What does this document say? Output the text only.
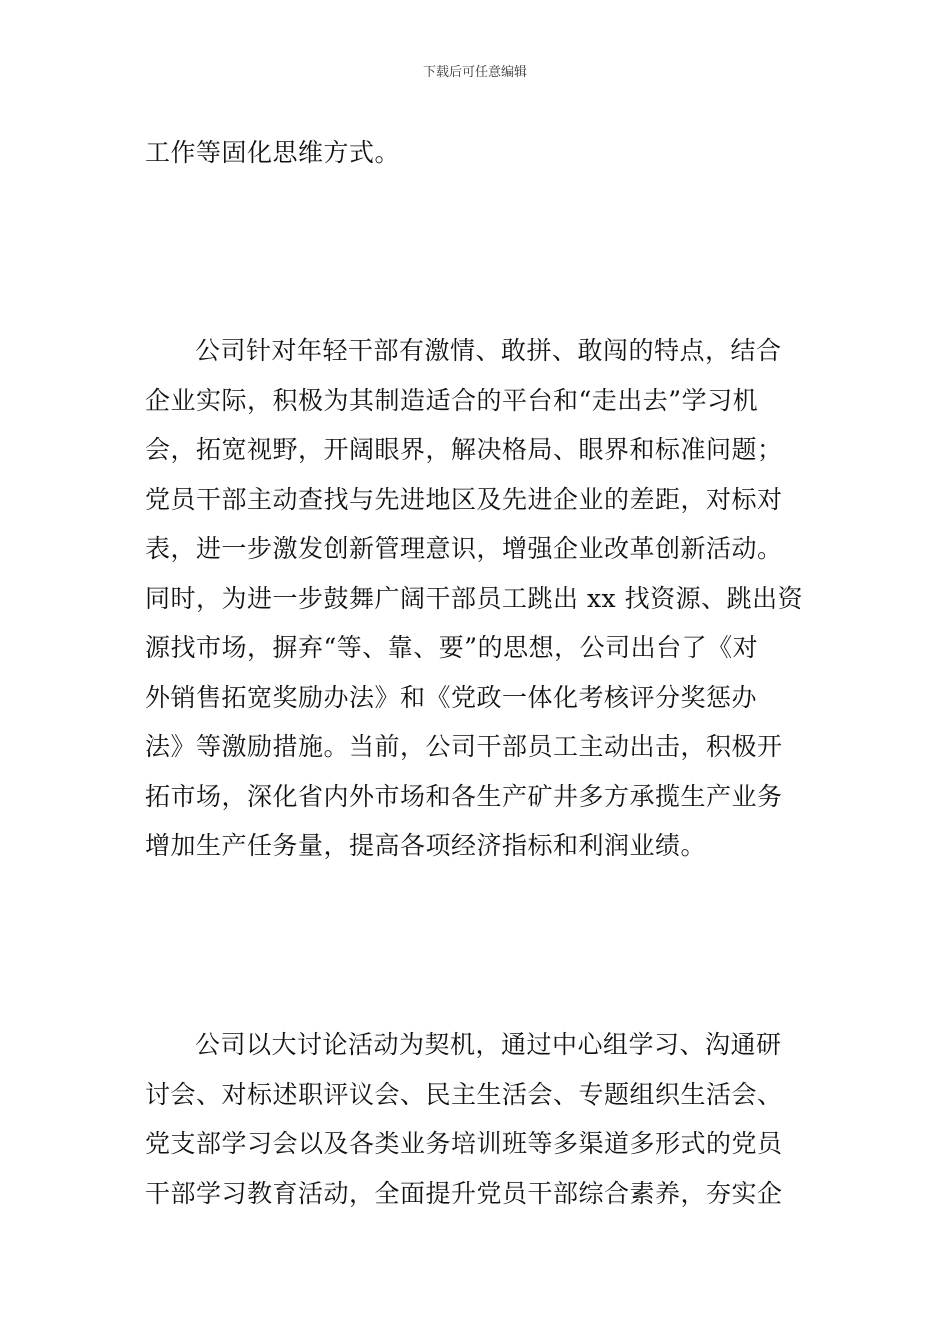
下载后可任意编辑
工作等固化思维方式。
公司针对年轻干部有激情、敢拼、敢闯的特点，结合
企业实际，积极为其制造适合的平台和“走出去”学习机
会，拓宽视野，开阔眼界，解决格局、眼界和标准问题；
党员干部主动查找与先进地区及先进企业的差距，对标对
表，进一步激发创新管理意识，增强企业改革创新活动。
同时，为进一步鼓舞广阔干部员工跳出 xx 找资源、跳出资
源找市场，摒弃“等、靠、要”的思想，公司出台了《对
外销售拓宽奖励办法》和《党政一体化考核评分奖惩办
法》等激励措施。当前，公司干部员工主动出击，积极开
拓市场，深化省内外市场和各生产矿井多方承揽生产业务
增加生产任务量，提高各项经济指标和利润业绩。
公司以大讨论活动为契机，通过中心组学习、沟通研
讨会、对标述职评议会、民主生活会、专题组织生活会、
党支部学习会以及各类业务培训班等多渠道多形式的党员
干部学习教育活动，全面提升党员干部综合素养，夯实企
